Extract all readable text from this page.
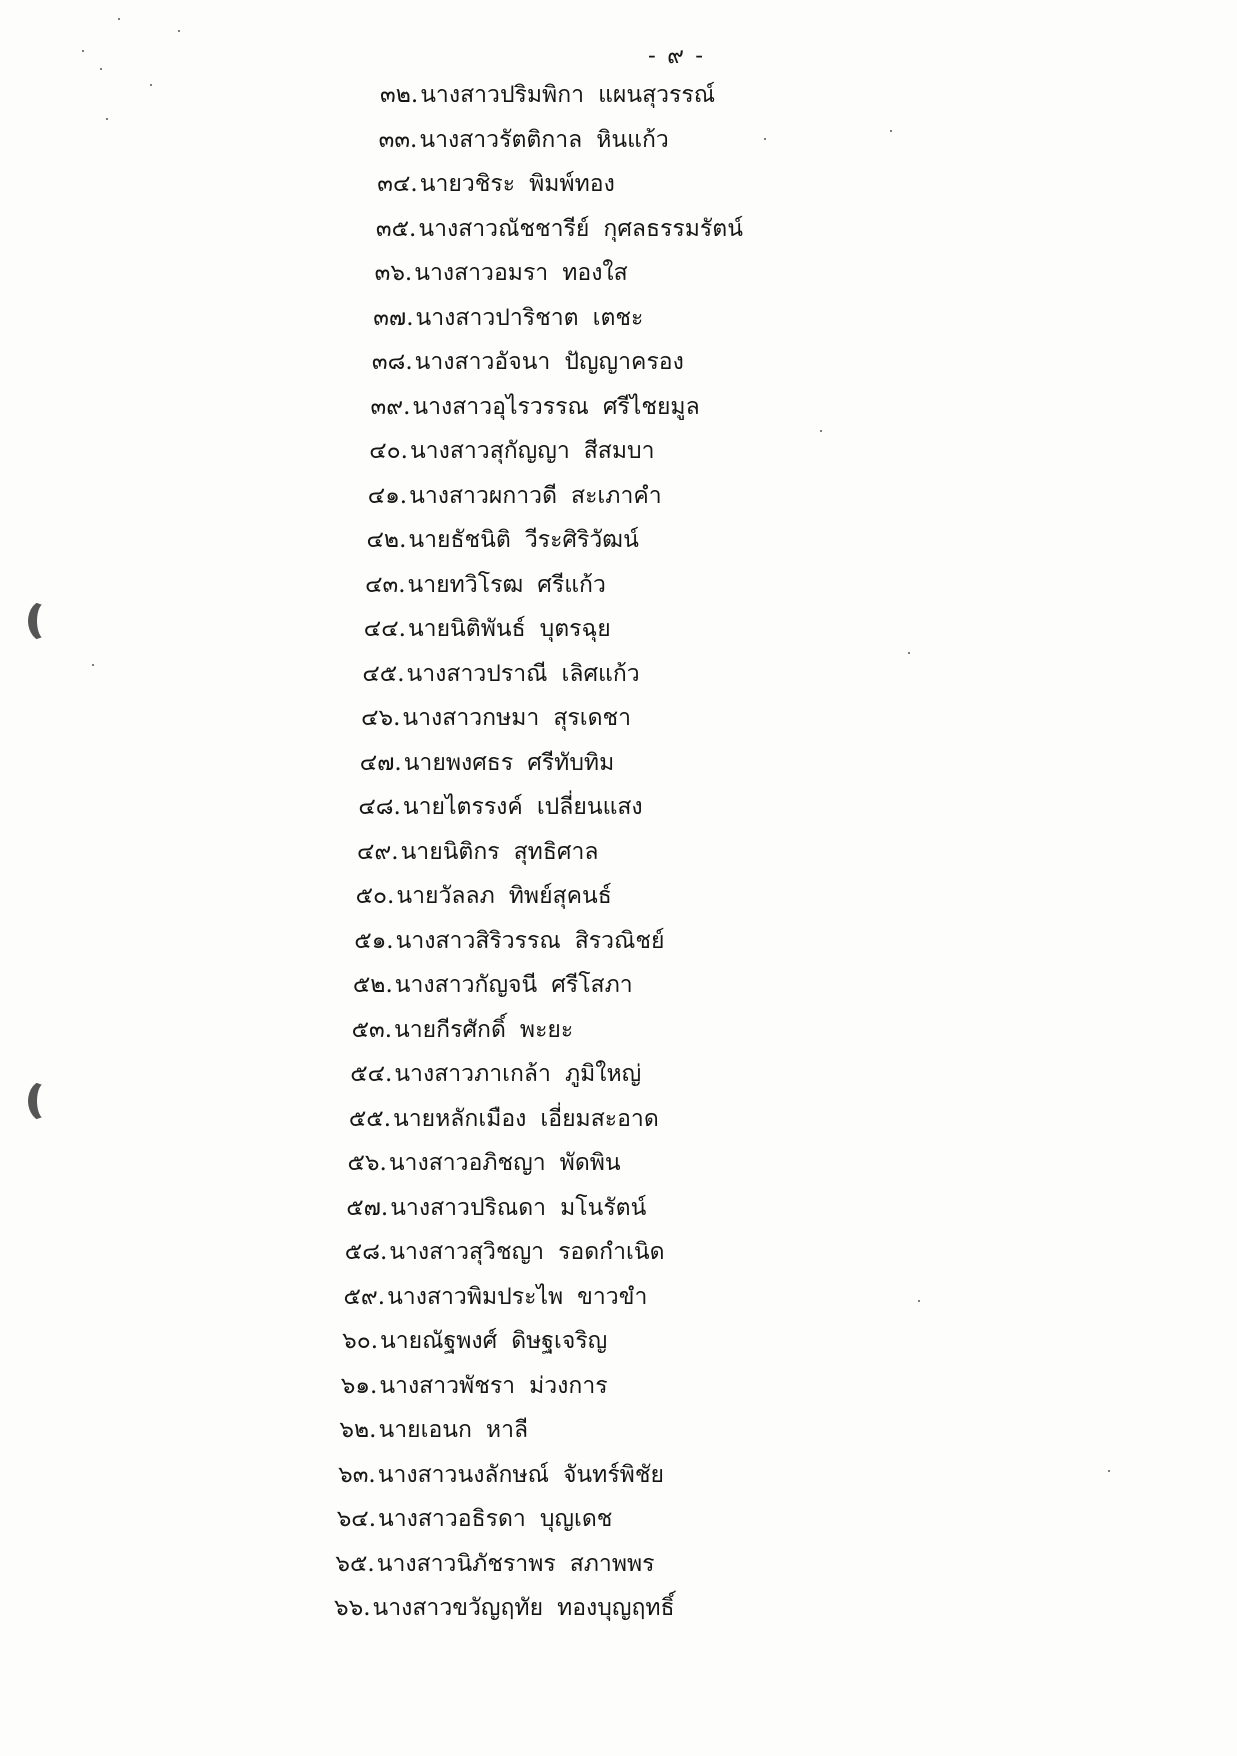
- ๙ -
๓๒.นางสาวปริมพิกา แผนสุวรรณ์
๓๓.นางสาวรัตติกาล หินแก้ว
๓๔.นายวชิระ พิมพ์ทอง
๓๕.นางสาวณัชชารีย์ กุศลธรรมรัตน์
๓๖.นางสาวอมรา ทองใส
๓๗.นางสาวปาริชาต เตชะ
๓๘.นางสาวอัจนา ปัญญาครอง
๓๙.นางสาวอุไรวรรณ ศรีไชยมูล
๔๐.นางสาวสุกัญญา สีสมบา
๔๑.นางสาวผกาวดี สะเภาคำ
๔๒.นายธัชนิติ วีระศิริวัฒน์
๔๓.นายทวิโรฒ ศรีแก้ว
๔๔.นายนิติพันธ์ บุตรฉุย
๔๕.นางสาวปราณี เลิศแก้ว
๔๖.นางสาวกษมา สุรเดชา
๔๗.นายพงศธร ศรีทับทิม
๔๘.นายไตรรงค์ เปลี่ยนแสง
๔๙.นายนิติกร สุทธิศาล
๕๐.นายวัลลภ ทิพย์สุคนธ์
๕๑.นางสาวสิริวรรณ สิรวณิชย์
๕๒.นางสาวกัญจนี ศรีโสภา
๕๓.นายกีรศักดิ์ พะยะ
๕๔.นางสาวภาเกล้า ภูมิใหญ่
๕๕.นายหลักเมือง เอี่ยมสะอาด
๕๖.นางสาวอภิชญา พัดพิน
๕๗.นางสาวปริณดา มโนรัตน์
๕๘.นางสาวสุวิชญา รอดกำเนิด
๕๙.นางสาวพิมประไพ ขาวขำ
๖๐.นายณัฐพงศ์ ดิษฐเจริญ
๖๑.นางสาวพัชรา ม่วงการ
๖๒.นายเอนก หาลี
๖๓.นางสาวนงลักษณ์ จันทร์พิชัย
๖๔.นางสาวอธิรดา บุญเดช
๖๕.นางสาวนิภัชราพร สภาพพร
๖๖.นางสาวขวัญฤทัย ทองบุญฤทธิ์
